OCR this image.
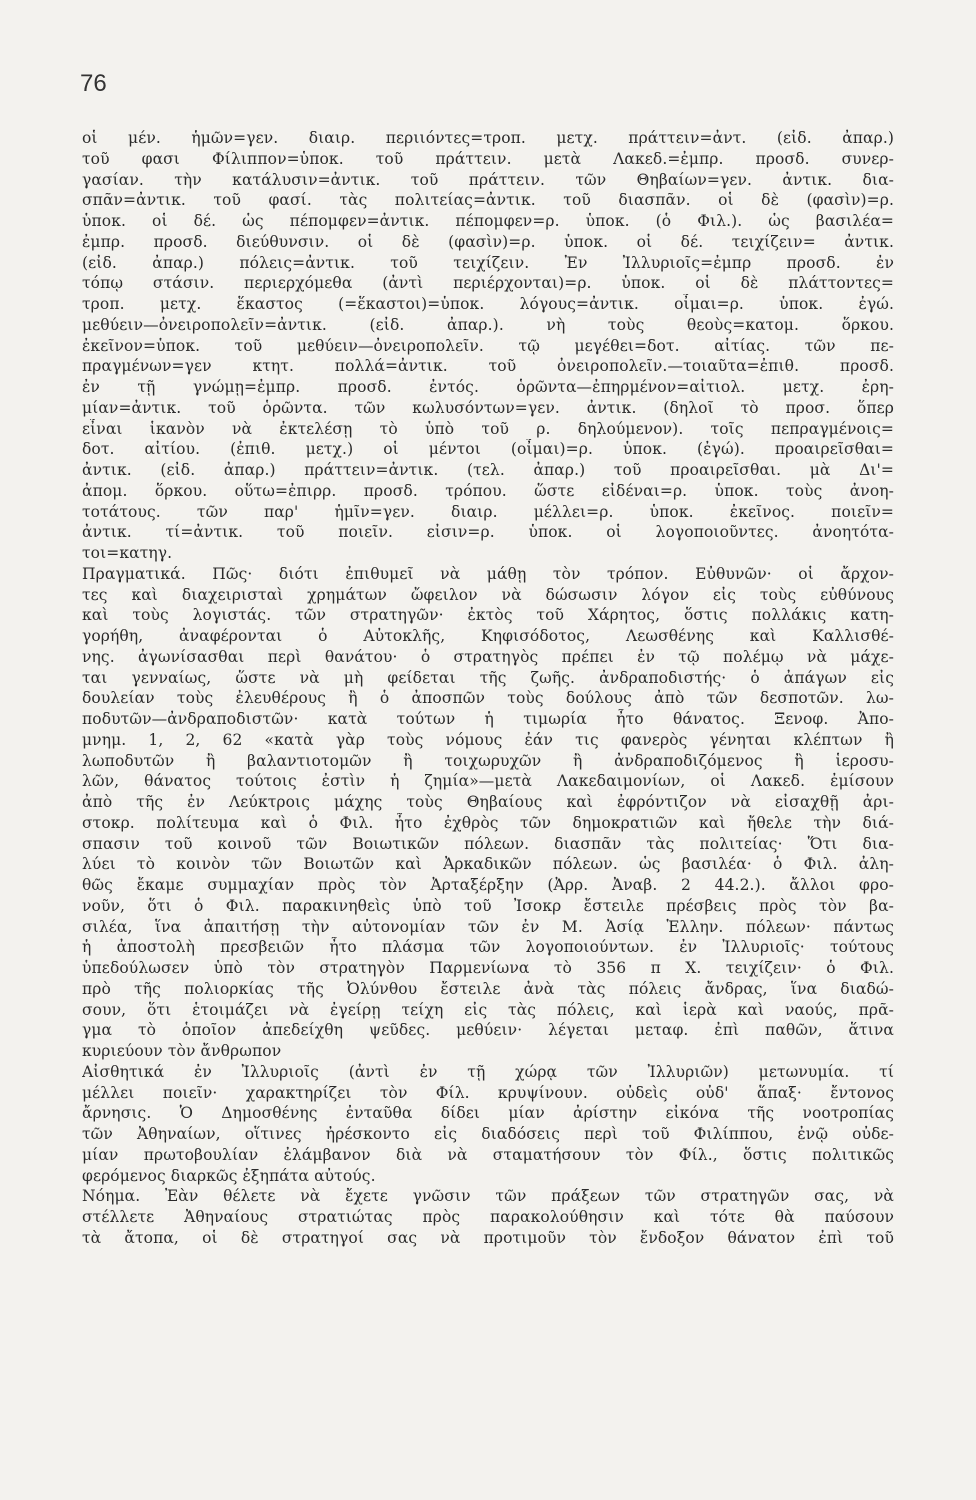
76
οἱ μέν. ἡμῶν=γεν. διαιρ. περιιόντες=τροπ. μετχ. πράττειν=ἀντ. (εἰδ. ἀπαρ.)
τοῦ φασι Φίλιππον=ὑποκ. τοῦ πράττειν. μετὰ Λακεδ.=ἐμπρ. προσδ. συνερ-
γασίαν. τὴν κατάλυσιν=ἀντικ. τοῦ πράττειν. τῶν Θηβαίων=γεν. ἀντικ. δια-
σπᾶν=ἀντικ. τοῦ φασί. τὰς πολιτείας=ἀντικ. τοῦ διασπᾶν. οἱ δὲ (φασὶν)=ρ.
ὑποκ. οἱ δέ. ὡς πέπομφεν=ἀντικ. πέπομφεν=ρ. ὑποκ. (ὁ Φιλ.). ὡς βασιλέα=
ἐμπρ. προσδ. διεύθυνσιν. οἱ δὲ (φασὶν)=ρ. ὑποκ. οἱ δέ. τειχίζειν= ἀντικ.
(εἰδ. ἀπαρ.) πόλεις=ἀντικ. τοῦ τειχίζειν. Ἐν Ἰλλυριοῖς=ἐμπρ προσδ. ἐν
τόπῳ στάσιν. περιερχόμεθα (ἀντὶ περιέρχονται)=ρ. ὑποκ. οἱ δὲ πλάττοντες=
τροπ. μετχ. ἕκαστος (=ἕκαστοι)=ὑποκ. λόγους=ἀντικ. οἶμαι=ρ. ὑποκ. ἐγώ.
μεθύειν—ὀνειροπολεῖν=ἀντικ. (εἰδ. ἀπαρ.). νὴ τοὺς θεοὺς=κατομ. ὅρκου.
ἐκεῖνον=ὑποκ. τοῦ μεθύειν—ὀνειροπολεῖν. τῷ μεγέθει=δοτ. αἰτίας. τῶν πε-
πραγμένων=γεν κτητ. πολλά=ἀντικ. τοῦ ὀνειροπολεῖν.—τοιαῦτα=ἐπιθ. προσδ.
ἐν τῇ γνώμῃ=ἐμπρ. προσδ. ἐντός. ὁρῶντα—ἐπηρμένον=αἰτιολ. μετχ. ἐρη-
μίαν=ἀντικ. τοῦ ὁρῶντα. τῶν κωλυσόντων=γεν. ἀντικ. (δηλοῖ τὸ προσ. ὅπερ
εἶναι ἱκανὸν νὰ ἐκτελέσῃ τὸ ὑπὸ τοῦ ρ. δηλούμενον). τοῖς πεπραγμένοις=
δοτ. αἰτίου. (ἐπιθ. μετχ.) οἱ μέντοι (οἶμαι)=ρ. ὑποκ. (ἐγώ). προαιρεῖσθαι=
ἀντικ. (εἰδ. ἀπαρ.) πράττειν=ἀντικ. (τελ. ἀπαρ.) τοῦ προαιρεῖσθαι. μὰ Δι'=
ἀπομ. ὅρκου. οὕτω=ἐπιρρ. προσδ. τρόπου. ὥστε εἰδέναι=ρ. ὑποκ. τοὺς ἀνοη-
τοτάτους. τῶν παρ' ἡμῖν=γεν. διαιρ. μέλλει=ρ. ὑποκ. ἐκεῖνος. ποιεῖν=
ἀντικ. τί=ἀντικ. τοῦ ποιεῖν. εἰσιν=ρ. ὑποκ. οἱ λογοποιοῦντες. ἀνοητότα-
τοι=κατηγ.
Πραγματικά. Πῶς· διότι ἐπιθυμεῖ νὰ μάθῃ τὸν τρόπον. Εὐθυνῶν· οἱ ἄρχον-
τες καὶ διαχειρισταὶ χρημάτων ὤφειλον νὰ δώσωσιν λόγον εἰς τοὺς εὐθύνους
καὶ τοὺς λογιστάς. τῶν στρατηγῶν· ἐκτὸς τοῦ Χάρητος, ὅστις πολλάκις κατη-
γορήθη, ἀναφέρονται ὁ Αὐτοκλῆς, Κηφισόδοτος, Λεωσθένης καὶ Καλλισθέ-
νης. ἀγωνίσασθαι περὶ θανάτου· ὁ στρατηγὸς πρέπει ἐν τῷ πολέμῳ νὰ μάχε-
ται γενναίως, ὥστε νὰ μὴ φείδεται τῆς ζωῆς. ἀνδραποδιστής· ὁ ἀπάγων εἰς
δουλείαν τοὺς ἐλευθέρους ἢ ὁ ἀποσπῶν τοὺς δούλους ἀπὸ τῶν δεσποτῶν. λω-
ποδυτῶν—ἀνδραποδιστῶν· κατὰ τούτων ἡ τιμωρία ἦτο θάνατος. Ξενοφ. Ἀπο-
μνημ. 1, 2, 62 «κατὰ γὰρ τοὺς νόμους ἐάν τις φανερὸς γένηται κλέπτων ἢ
λωποδυτῶν ἢ βαλαντιοτομῶν ἢ τοιχωρυχῶν ἢ ἀνδραποδιζόμενος ἢ ἱεροσυ-
λῶν, θάνατος τούτοις ἐστὶν ἡ ζημία»—μετὰ Λακεδαιμονίων, οἱ Λακεδ. ἐμίσουν
ἀπὸ τῆς ἐν Λεύκτροις μάχης τοὺς Θηβαίους καὶ ἐφρόντιζον νὰ εἰσαχθῇ ἀρι-
στοκρ. πολίτευμα καὶ ὁ Φιλ. ἦτο ἐχθρὸς τῶν δημοκρατιῶν καὶ ἤθελε τὴν διά-
σπασιν τοῦ κοινοῦ τῶν Βοιωτικῶν πόλεων. διασπᾶν τὰς πολιτείας· Ὅτι δια-
λύει τὸ κοινὸν τῶν Βοιωτῶν καὶ Ἀρκαδικῶν πόλεων. ὡς βασιλέα· ὁ Φιλ. ἀλη-
θῶς ἔκαμε συμμαχίαν πρὸς τὸν Ἀρταξέρξην (Ἀρρ. Ἀναβ. 2 44.2.). ἄλλοι φρο-
νοῦν, ὅτι ὁ Φιλ. παρακινηθεὶς ὑπὸ τοῦ Ἰσοκρ ἔστειλε πρέσβεις πρὸς τὸν βα-
σιλέα, ἵνα ἀπαιτήσῃ τὴν αὐτονομίαν τῶν ἐν Μ. Ἀσίᾳ Ἑλλην. πόλεων· πάντως
ἡ ἀποστολὴ πρεσβειῶν ἦτο πλάσμα τῶν λογοποιούντων. ἐν Ἰλλυριοῖς· τούτους
ὑπεδούλωσεν ὑπὸ τὸν στρατηγὸν Παρμενίωνα τὸ 356 π Χ. τειχίζειν· ὁ Φιλ.
πρὸ τῆς πολιορκίας τῆς Ὀλύνθου ἔστειλε ἀνὰ τὰς πόλεις ἄνδρας, ἵνα διαδώ-
σουν, ὅτι ἑτοιμάζει νὰ ἐγείρῃ τείχη εἰς τὰς πόλεις, καὶ ἱερὰ καὶ ναούς, πρᾶ-
γμα τὸ ὁποῖον ἀπεδείχθη ψεῦδες. μεθύειν· λέγεται μεταφ. ἐπὶ παθῶν, ἅτινα
κυριεύουν τὸν ἄνθρωπον
Αἰσθητικά ἐν Ἰλλυριοῖς (ἀντὶ ἐν τῇ χώρᾳ τῶν Ἰλλυριῶν) μετωνυμία. τί
μέλλει ποιεῖν· χαρακτηρίζει τὸν Φίλ. κρυψίνουν. οὐδεὶς οὐδ' ἅπαξ· ἔντονος
ἄρνησις. Ὁ Δημοσθένης ἐνταῦθα δίδει μίαν ἀρίστην εἰκόνα τῆς νοοτροπίας
τῶν Ἀθηναίων, οἵτινες ἠρέσκοντο εἰς διαδόσεις περὶ τοῦ Φιλίππου, ἐνῷ οὐδε-
μίαν πρωτοβουλίαν ἐλάμβανον διὰ νὰ σταματήσουν τὸν Φίλ., ὅστις πολιτικῶς
φερόμενος διαρκῶς ἐξηπάτα αὐτούς.
Νόημα. Ἐὰν θέλετε νὰ ἔχετε γνῶσιν τῶν πράξεων τῶν στρατηγῶν σας, νὰ
στέλλετε Ἀθηναίους στρατιώτας πρὸς παρακολούθησιν καὶ τότε θὰ παύσουν
τὰ ἄτοπα, οἱ δὲ στρατηγοί σας νὰ προτιμοῦν τὸν ἔνδοξον θάνατον ἐπὶ τοῦ
